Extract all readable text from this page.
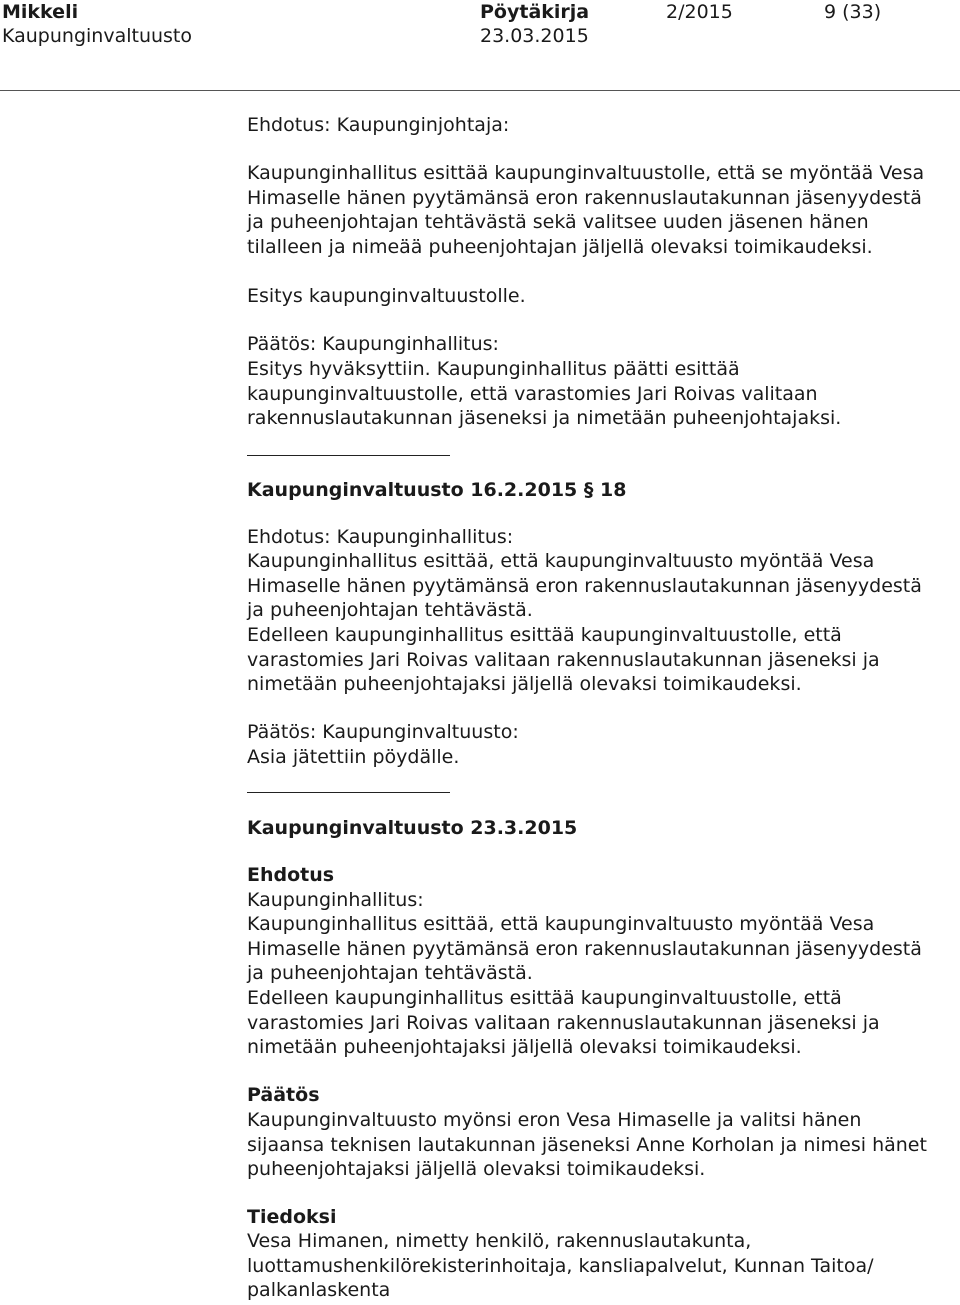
Mikkeli
Kaupunginvaltuusto
Pöytäkirja
23.03.2015
2/2015	9 (33)

Ehdotus: Kaupunginjohtaja:

Kaupunginhallitus esittää kaupunginvaltuustolle, että se myöntää Vesa Himaselle hänen pyytämänsä eron rakennuslautakunnan jäsenyydestä ja puheenjohtajan tehtävästä sekä valitsee uuden jäsenen hänen tilalleen ja nimeää puheenjohtajan jäljellä olevaksi toimikaudeksi.

Esitys kaupunginvaltuustolle.

Päätös: Kaupunginhallitus:

Esitys hyväksyttiin. Kaupunginhallitus päätti esittää kaupunginvaltuustolle, että varastomies Jari Roivas valitaan rakennuslautakunnan jäseneksi ja nimetään puheenjohtajaksi.

Kaupunginvaltuusto 16.2.2015 § 18

Ehdotus: Kaupunginhallitus:

Kaupunginhallitus esittää, että kaupunginvaltuusto myöntää Vesa Himaselle hänen pyytämänsä eron rakennuslautakunnan jäsenyydestä ja puheenjohtajan tehtävästä.

Edelleen kaupunginhallitus esittää kaupunginvaltuustolle, että varastomies Jari Roivas valitaan rakennuslautakunnan jäseneksi ja nimetään puheenjohtajaksi jäljellä olevaksi toimikaudeksi.

Päätös: Kaupunginvaltuusto:

Asia jätettiin pöydälle.

Kaupunginvaltuusto 23.3.2015

Ehdotus

Kaupunginhallitus:

Kaupunginhallitus esittää, että kaupunginvaltuusto myöntää Vesa Himaselle hänen pyytämänsä eron rakennuslautakunnan jäsenyydestä ja puheenjohtajan tehtävästä.

Edelleen kaupunginhallitus esittää kaupunginvaltuustolle, että varastomies Jari Roivas valitaan rakennuslautakunnan jäseneksi ja nimetään puheenjohtajaksi jäljellä olevaksi toimikaudeksi.

Päätös

Kaupunginvaltuusto myönsi eron Vesa Himaselle ja valitsi hänen sijaansa teknisen lautakunnan jäseneksi Anne Korholan ja nimesi hänet puheenjohtajaksi jäljellä olevaksi toimikaudeksi.

Tiedoksi

Vesa Himanen, nimetty henkilö, rakennuslautakunta, luottamushenkilörekisterinhoitaja, kansliapalvelut, Kunnan Taitoa/ palkanlaskenta
